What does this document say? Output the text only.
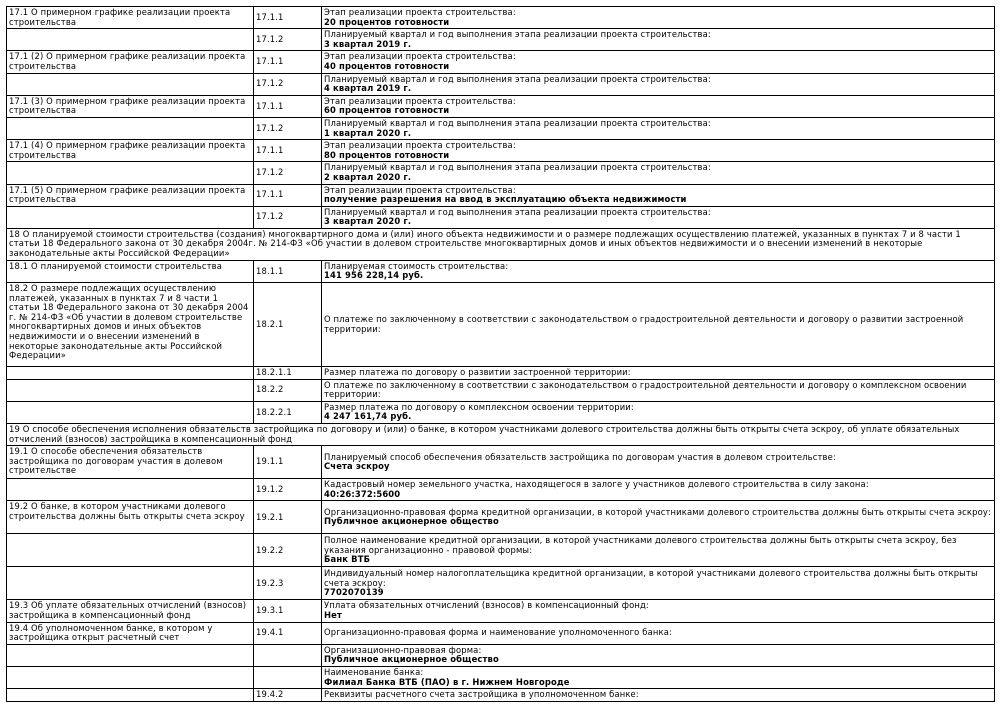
17.1 О примерном графике реализации проекта строительства	17.1.1	Этап реализации проекта строительства:
20 процентов готовности

	17.1.2	Планируемый квартал и год выполнения этапа реализации проекта строительства:
3 квартал 2019 г.

17.1 (2) О примерном графике реализации проекта строительства	17.1.1	Этап реализации проекта строительства:
40 процентов готовности

	17.1.2	Планируемый квартал и год выполнения этапа реализации проекта строительства:
4 квартал 2019 г.

17.1 (3) О примерном графике реализации проекта строительства	17.1.1	Этап реализации проекта строительства:
60 процентов готовности

	17.1.2	Планируемый квартал и год выполнения этапа реализации проекта строительства:
1 квартал 2020 г.

17.1 (4) О примерном графике реализации проекта строительства	17.1.1	Этап реализации проекта строительства:
80 процентов готовности

	17.1.2	Планируемый квартал и год выполнения этапа реализации проекта строительства:
2 квартал 2020 г.

17.1 (5) О примерном графике реализации проекта строительства	17.1.1	Этап реализации проекта строительства:
получение разрешения на ввод в эксплуатацию объекта недвижимости

	17.1.2	Планируемый квартал и год выполнения этапа реализации проекта строительства:
3 квартал 2020 г.

18 О планируемой стоимости строительства (создания) многоквартирного дома и (или) иного объекта недвижимости и о размере подлежащих осуществлению платежей, указанных в пунктах 7 и 8 части 1 статьи 18 Федерального закона от 30 декабря 2004г. № 214-ФЗ «Об участии в долевом строительстве многоквартирных домов и иных объектов недвижимости и о внесении изменений в некоторые законодательные акты Российской Федерации»		
18.1 О планируемой стоимости строительства	18.1.1	Планируемая стоимость строительства:
141 956 228,14 руб.

18.2 О размере подлежащих осуществлению платежей, указанных в пунктах 7 и 8 части 1 статьи 18 Федерального закона от 30 декабря 2004 г. № 214-ФЗ «Об участии в долевом строительстве многоквартирных домов и иных объектов недвижимости и о внесении изменений в некоторые законодательные акты Российской Федерации»	18.2.1	О платеже по заключенному в соответствии с законодательством о градостроительной деятельности и договору о развитии застроенной территории:

	18.2.1.1	Размер платежа по договору о развитии застроенной территории:

	18.2.2	О платеже по заключенному в соответствии с законодательством о градостроительной деятельности и договору о комплексном освоении территории:

	18.2.2.1	Размер платежа по договору о комплексном освоении территории:
4 247 161,74 руб.

19 О способе обеспечения исполнения обязательств застройщика по договору и (или) о банке, в котором участниками долевого строительства должны быть открыты счета эскроу, об уплате обязательных отчислений (взносов) застройщика в компенсационный фонд		
19.1 О способе обеспечения обязательств застройщика по договорам участия в долевом строительстве	19.1.1	Планируемый способ обеспечения обязательств застройщика по договорам участия в долевом строительстве:
Счета эскроу

	19.1.2	Кадастровый номер земельного участка, находящегося в залоге у участников долевого строительства в силу закона:
40:26:372:5600

19.2 О банке, в котором участниками долевого строительства должны быть открыты счета эскроу	19.2.1	Организационно-правовая форма кредитной организации, в которой участниками долевого строительства должны быть открыты счета эскроу:
Публичное акционерное общество

	19.2.2	Полное наименование кредитной организации, в которой участниками долевого строительства должны быть открыты счета эскроу, без указания организационно - правовой формы:
Банк ВТБ

	19.2.3	Индивидуальный номер налогоплательщика кредитной организации, в которой участниками долевого строительства должны быть открыты счета эскроу:
7702070139

19.3 Об уплате обязательных отчислений (взносов) застройщика в компенсационный фонд	19.3.1	Уплата обязательных отчислений (взносов) в компенсационный фонд:
Нет

19.4 Об уполномоченном банке, в котором у застройщика открыт расчетный счет	19.4.1	Организационно-правовая форма и наименование уполномоченного банка:

		Организационно-правовая форма:
Публичное акционерное общество

		Наименование банка:
Филиал Банка ВТБ (ПАО) в г. Нижнем Новгороде

	19.4.2	Реквизиты расчетного счета застройщика в уполномоченном банке:
